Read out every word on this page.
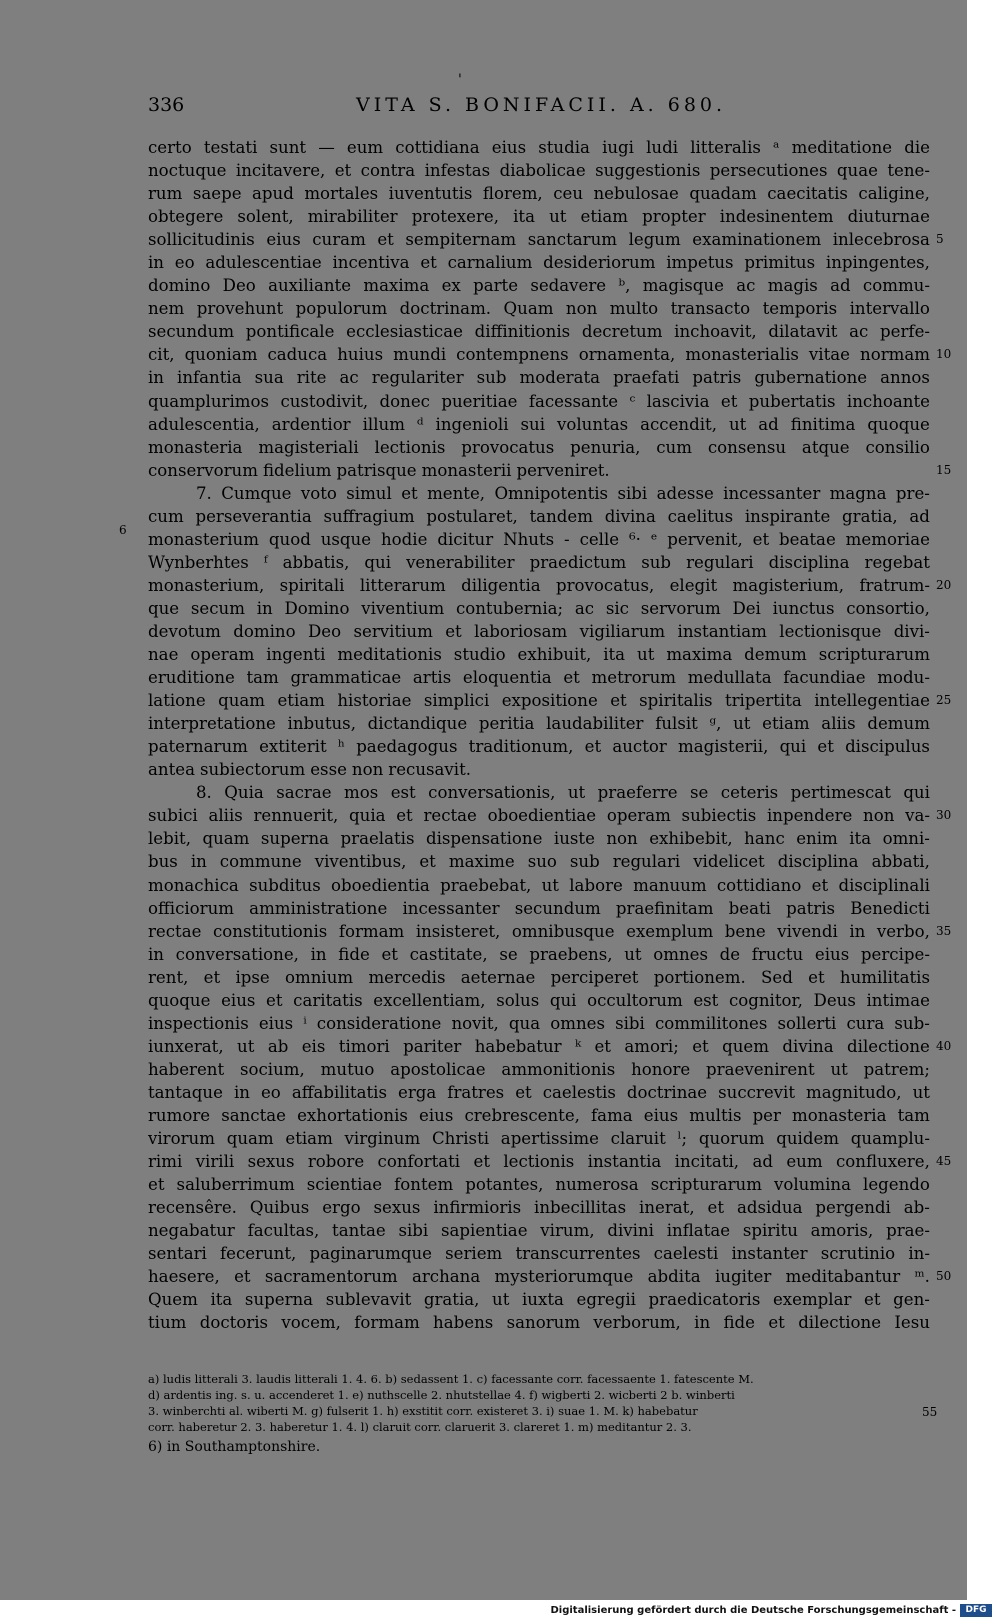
336
'
VITA S. BONIFACII. A. 680.
certo testati sunt — eum cottidiana eius studia iugi ludi litteralis ᵃ meditatione die
noctuque incitavere, et contra infestas diabolicae suggestionis persecutiones quae tene-
rum saepe apud mortales iuventutis florem, ceu nebulosae quadam caecitatis caligine,
obtegere solent, mirabiliter protexere, ita ut etiam propter indesinentem diuturnae
sollicitudinis eius curam et sempiternam sanctarum legum examinationem inlecebrosa
in eo adulescentiae incentiva et carnalium desideriorum impetus primitus inpingentes,
domino Deo auxiliante maxima ex parte sedavere ᵇ, magisque ac magis ad commu-
nem provehunt populorum doctrinam. Quam non multo transacto temporis intervallo
secundum pontificale ecclesiasticae diffinitionis decretum inchoavit, dilatavit ac perfe-
cit, quoniam caduca huius mundi contempnens ornamenta, monasterialis vitae normam
in infantia sua rite ac regulariter sub moderata praefati patris gubernatione annos
quamplurimos custodivit, donec pueritiae facessante ᶜ lascivia et pubertatis inchoante
adulescentia, ardentior illum ᵈ ingenioli sui voluntas accendit, ut ad finitima quoque
monasteria magisteriali lectionis provocatus penuria, cum consensu atque consilio
conservorum fidelium patrisque monasterii perveniret.
7. Cumque voto simul et mente, Omnipotentis sibi adesse incessanter magna pre-
cum perseverantia suffragium postularet, tandem divina caelitus inspirante gratia, ad
monasterium quod usque hodie dicitur Nhuts - celle ⁶· ᵉ pervenit, et beatae memoriae
Wynberhtes ᶠ abbatis, qui venerabiliter praedictum sub regulari disciplina regebat
monasterium, spiritali litterarum diligentia provocatus, elegit magisterium, fratrum-
que secum in Domino viventium contubernia; ac sic servorum Dei iunctus consortio,
devotum domino Deo servitium et laboriosam vigiliarum instantiam lectionisque divi-
nae operam ingenti meditationis studio exhibuit, ita ut maxima demum scripturarum
eruditione tam grammaticae artis eloquentia et metrorum medullata facundiae modu-
latione quam etiam historiae simplici expositione et spiritalis tripertita intellegentiae
interpretatione inbutus, dictandique peritia laudabiliter fulsit ᵍ, ut etiam aliis demum
paternarum extiterit ʰ paedagogus traditionum, et auctor magisterii, qui et discipulus
antea subiectorum esse non recusavit.
8. Quia sacrae mos est conversationis, ut praeferre se ceteris pertimescat qui
subici aliis rennuerit, quia et rectae oboedientiae operam subiectis inpendere non va-
lebit, quam superna praelatis dispensatione iuste non exhibebit, hanc enim ita omni-
bus in commune viventibus, et maxime suo sub regulari videlicet disciplina abbati,
monachica subditus oboedientia praebebat, ut labore manuum cottidiano et disciplinali
officiorum amministratione incessanter secundum praefinitam beati patris Benedicti
rectae constitutionis formam insisteret, omnibusque exemplum bene vivendi in verbo,
in conversatione, in fide et castitate, se praebens, ut omnes de fructu eius percipe-
rent, et ipse omnium mercedis aeternae perciperet portionem. Sed et humilitatis
quoque eius et caritatis excellentiam, solus qui occultorum est cognitor, Deus intimae
inspectionis eius ⁱ consideratione novit, qua omnes sibi commilitones sollerti cura sub-
iunxerat, ut ab eis timori pariter habebatur ᵏ et amori; et quem divina dilectione
haberent socium, mutuo apostolicae ammonitionis honore praevenirent ut patrem;
tantaque in eo affabilitatis erga fratres et caelestis doctrinae succrevit magnitudo, ut
rumore sanctae exhortationis eius crebrescente, fama eius multis per monasteria tam
virorum quam etiam virginum Christi apertissime claruit ˡ; quorum quidem quamplu-
rimi virili sexus robore confortati et lectionis instantia incitati, ad eum confluxere,
et saluberrimum scientiae fontem potantes, numerosa scripturarum volumina legendo
recensêre. Quibus ergo sexus infirmioris inbecillitas inerat, et adsidua pergendi ab-
negabatur facultas, tantae sibi sapientiae virum, divini inflatae spiritu amoris, prae-
sentari fecerunt, paginarumque seriem transcurrentes caelesti instanter scrutinio in-
haesere, et sacramentorum archana mysteriorumque abdita iugiter meditabantur ᵐ.
Quem ita superna sublevavit gratia, ut iuxta egregii praedicatoris exemplar et gen-
tium doctoris vocem, formam habens sanorum verborum, in fide et dilectione Iesu
6
5
10
15
20
25
30
35
40
45
50
a) ludis litterali 3. laudis litterali 1. 4. 6. b) sedassent 1. c) facessante corr. facessaente 1. fatescente M.
d) ardentis ing. s. u. accenderet 1. e) nuthscelle 2. nhutstellae 4. f) wigberti 2. wicberti 2 b. winberti
3. winberchti al. wiberti M. g) fulserit 1. h) exstitit corr. existeret 3. i) suae 1. M. k) habebatur
corr. haberetur 2. 3. haberetur 1. 4. l) claruit corr. claruerit 3. clareret 1. m) meditantur 2. 3.
55
6) in Southamptonshire.
Digitalisierung gefördert durch die Deutsche Forschungsgemeinschaft -	DFG
